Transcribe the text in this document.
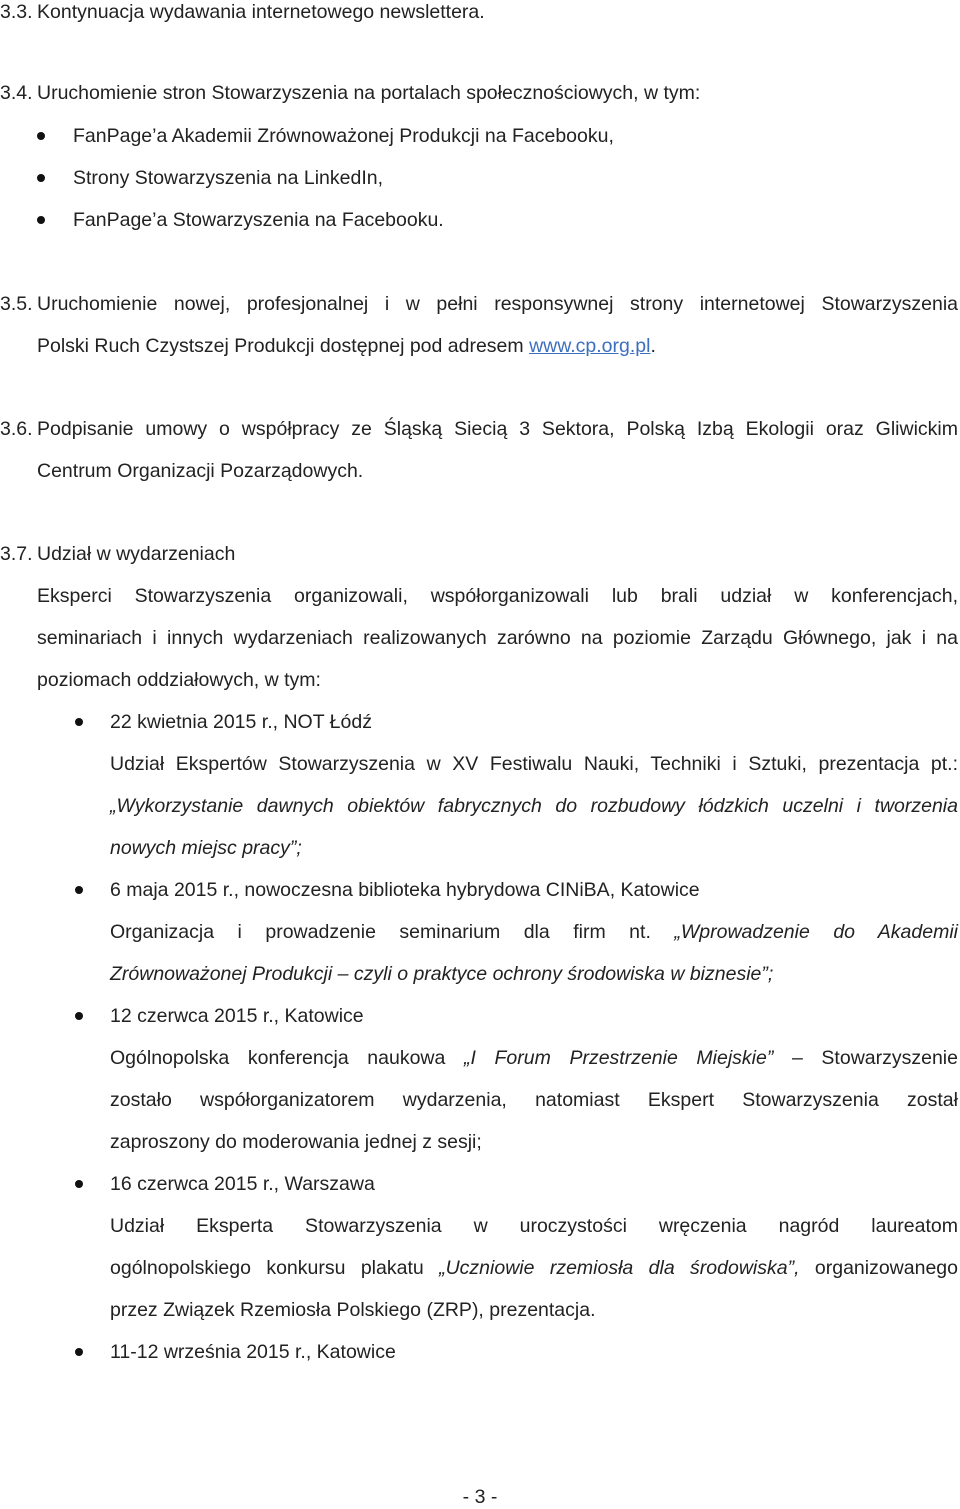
3.3. Kontynuacja wydawania internetowego newslettera.
3.4. Uruchomienie stron Stowarzyszenia na portalach społecznościowych, w tym:
FanPage’a Akademii Zrównoważonej Produkcji na Facebooku,
Strony Stowarzyszenia na LinkedIn,
FanPage’a Stowarzyszenia na Facebooku.
3.5. Uruchomienie nowej, profesjonalnej i w pełni responsywnej strony internetowej Stowarzyszenia
Polski Ruch Czystszej Produkcji dostępnej pod adresem www.cp.org.pl.
3.6. Podpisanie umowy o współpracy ze Śląską Siecią 3 Sektora, Polską Izbą Ekologii oraz Gliwickim
Centrum Organizacji Pozarządowych.
3.7. Udział w wydarzeniach
Eksperci Stowarzyszenia organizowali, współorganizowali lub brali udział w konferencjach,
seminariach i innych wydarzeniach realizowanych zarówno na poziomie Zarządu Głównego, jak i na
poziomach oddziałowych, w tym:
22 kwietnia 2015 r., NOT Łódź
Udział Ekspertów Stowarzyszenia w XV Festiwalu Nauki, Techniki i Sztuki, prezentacja pt.:
„Wykorzystanie dawnych obiektów fabrycznych do rozbudowy łódzkich uczelni i tworzenia
nowych miejsc pracy”;
6 maja 2015 r., nowoczesna biblioteka hybrydowa CINiBA, Katowice
Organizacja i prowadzenie seminarium dla firm nt. „Wprowadzenie do Akademii
Zrównoważonej Produkcji – czyli o praktyce ochrony środowiska w biznesie”;
12 czerwca 2015 r., Katowice
Ogólnopolska konferencja naukowa „I Forum Przestrzenie Miejskie” – Stowarzyszenie
zostało współorganizatorem wydarzenia, natomiast Ekspert Stowarzyszenia został
zaproszony do moderowania jednej z sesji;
16 czerwca 2015 r., Warszawa
Udział Eksperta Stowarzyszenia w uroczystości wręczenia nagród laureatom
ogólnopolskiego konkursu plakatu „Uczniowie rzemiosła dla środowiska”, organizowanego
przez Związek Rzemiosła Polskiego (ZRP), prezentacja.
11-12 września 2015 r., Katowice
- 3 -
